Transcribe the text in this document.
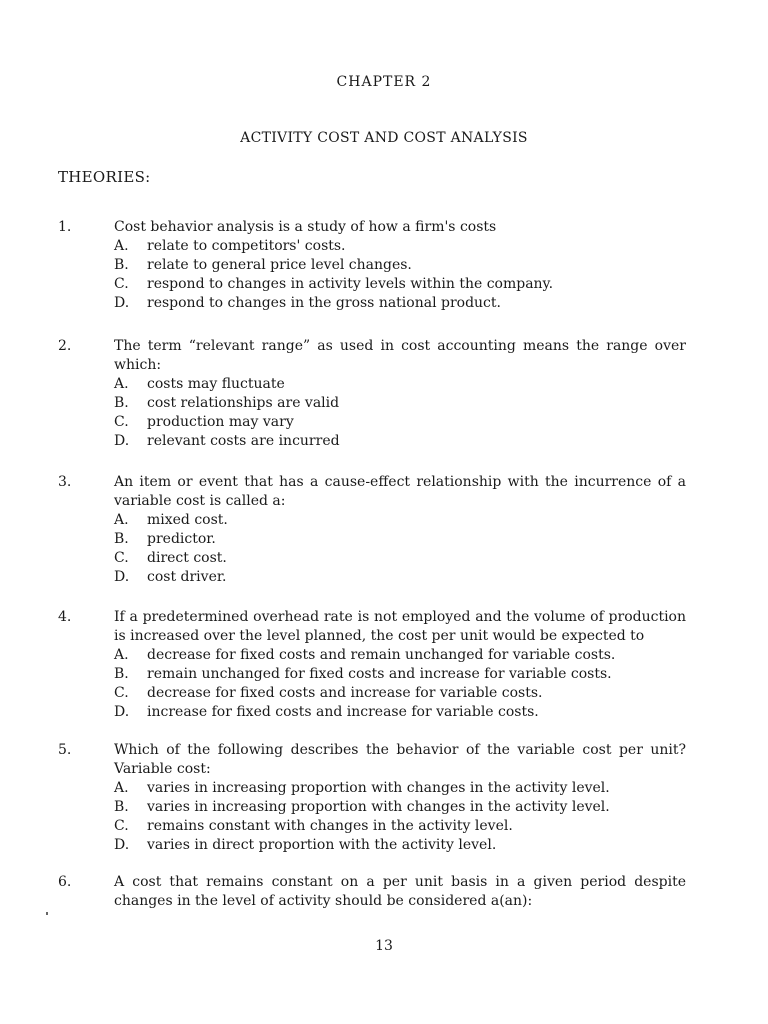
CHAPTER 2
ACTIVITY COST AND COST ANALYSIS
THEORIES:
1.	Cost behavior analysis is a study of how a firm's costs
A.	relate to competitors' costs.
B.	relate to general price level changes.
C.	respond to changes in activity levels within the company.
D.	respond to changes in the gross national product.
2.	The term “relevant range” as used in cost accounting means the range over which:
A.	costs may fluctuate
B.	cost relationships are valid
C.	production may vary
D.	relevant costs are incurred
3.	An item or event that has a cause-effect relationship with the incurrence of a variable cost is called a:
A.	mixed cost.
B.	predictor.
C.	direct cost.
D.	cost driver.
4.	If a predetermined overhead rate is not employed and the volume of production is increased over the level planned, the cost per unit would be expected to
A.	decrease for fixed costs and remain unchanged for variable costs.
B.	remain unchanged for fixed costs and increase for variable costs.
C.	decrease for fixed costs and increase for variable costs.
D.	increase for fixed costs and increase for variable costs.
5.	Which of the following describes the behavior of the variable cost per unit? Variable cost:
A.	varies in increasing proportion with changes in the activity level.
B.	varies in increasing proportion with changes in the activity level.
C.	remains constant with changes in the activity level.
D.	varies in direct proportion with the activity level.
6.	A cost that remains constant on a per unit basis in a given period despite changes in the level of activity should be considered a(an):
13
